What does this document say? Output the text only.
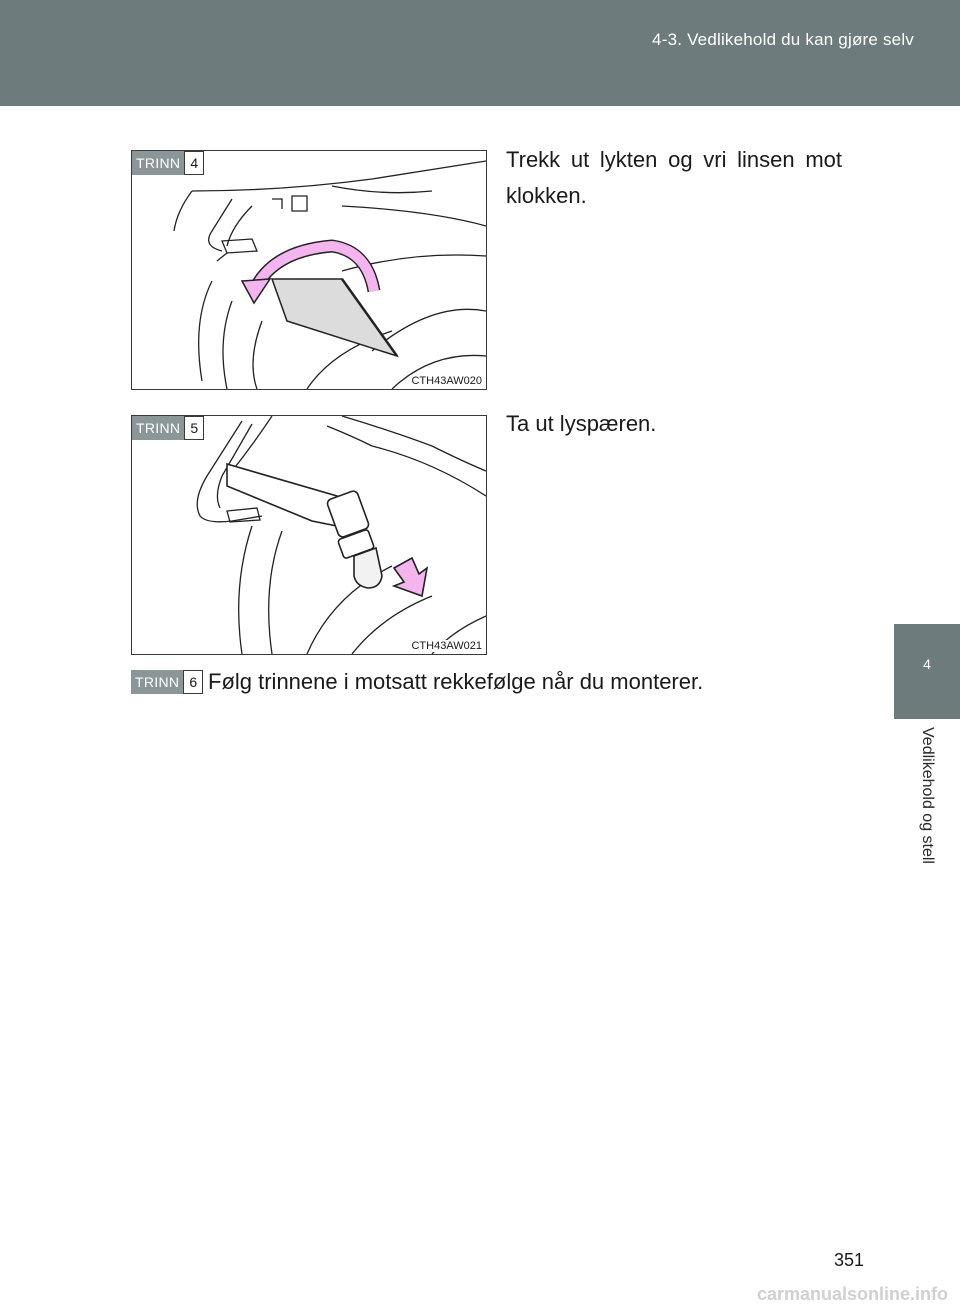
4-3. Vedlikehold du kan gjøre selv
4
Vedlikehold og stell
TRINN 4
CTH43AW020
Trekk ut lykten og vri linsen mot klokken.
TRINN 5
CTH43AW021
Ta ut lyspæren.
TRINN 6 Følg trinnene i motsatt rekkefølge når du monterer.
351
carmanualsonline.info
